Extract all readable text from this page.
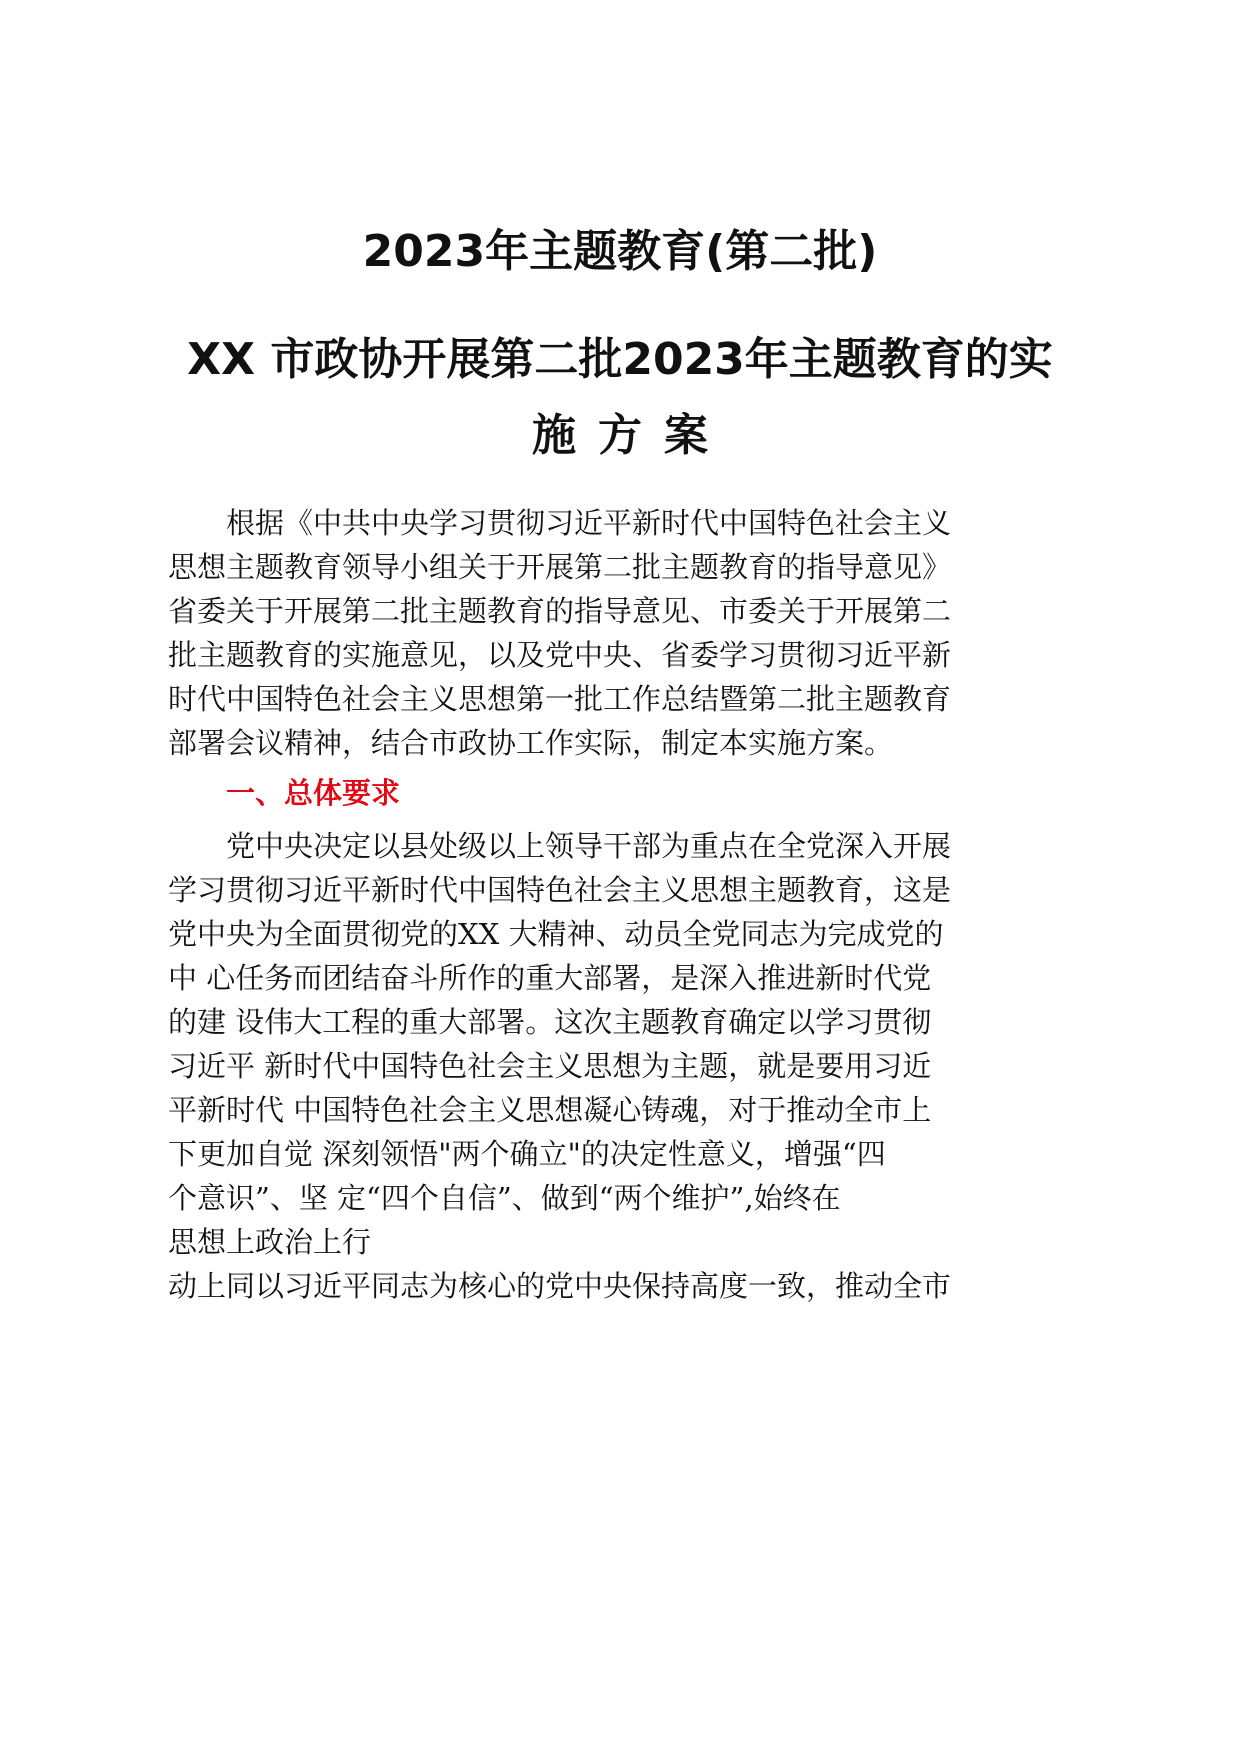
2023年主题教育(第二批)
XX 市政协开展第二批2023年主题教育的实
施方案
根据《中共中央学习贯彻习近平新时代中国特色社会主义
思想主题教育领导小组关于开展第二批主题教育的指导意见》
省委关于开展第二批主题教育的指导意见、市委关于开展第二
批主题教育的实施意见，以及党中央、省委学习贯彻习近平新
时代中国特色社会主义思想第一批工作总结暨第二批主题教育
部署会议精神，结合市政协工作实际，制定本实施方案。
一、总体要求
党中央决定以县处级以上领导干部为重点在全党深入开展
学习贯彻习近平新时代中国特色社会主义思想主题教育，这是
党中央为全面贯彻党的XX 大精神、动员全党同志为完成党的
中 心任务而团结奋斗所作的重大部署，是深入推进新时代党
的建 设伟大工程的重大部署。这次主题教育确定以学习贯彻
习近平 新时代中国特色社会主义思想为主题，就是要用习近
平新时代 中国特色社会主义思想凝心铸魂，对于推动全市上
下更加自觉 深刻领悟"两个确立"的决定性意义，增强“四
个意识”、坚 定“四个自信”、做到“两个维护”,始终在
思想上政治上行
动上同以习近平同志为核心的党中央保持高度一致，推动全市
